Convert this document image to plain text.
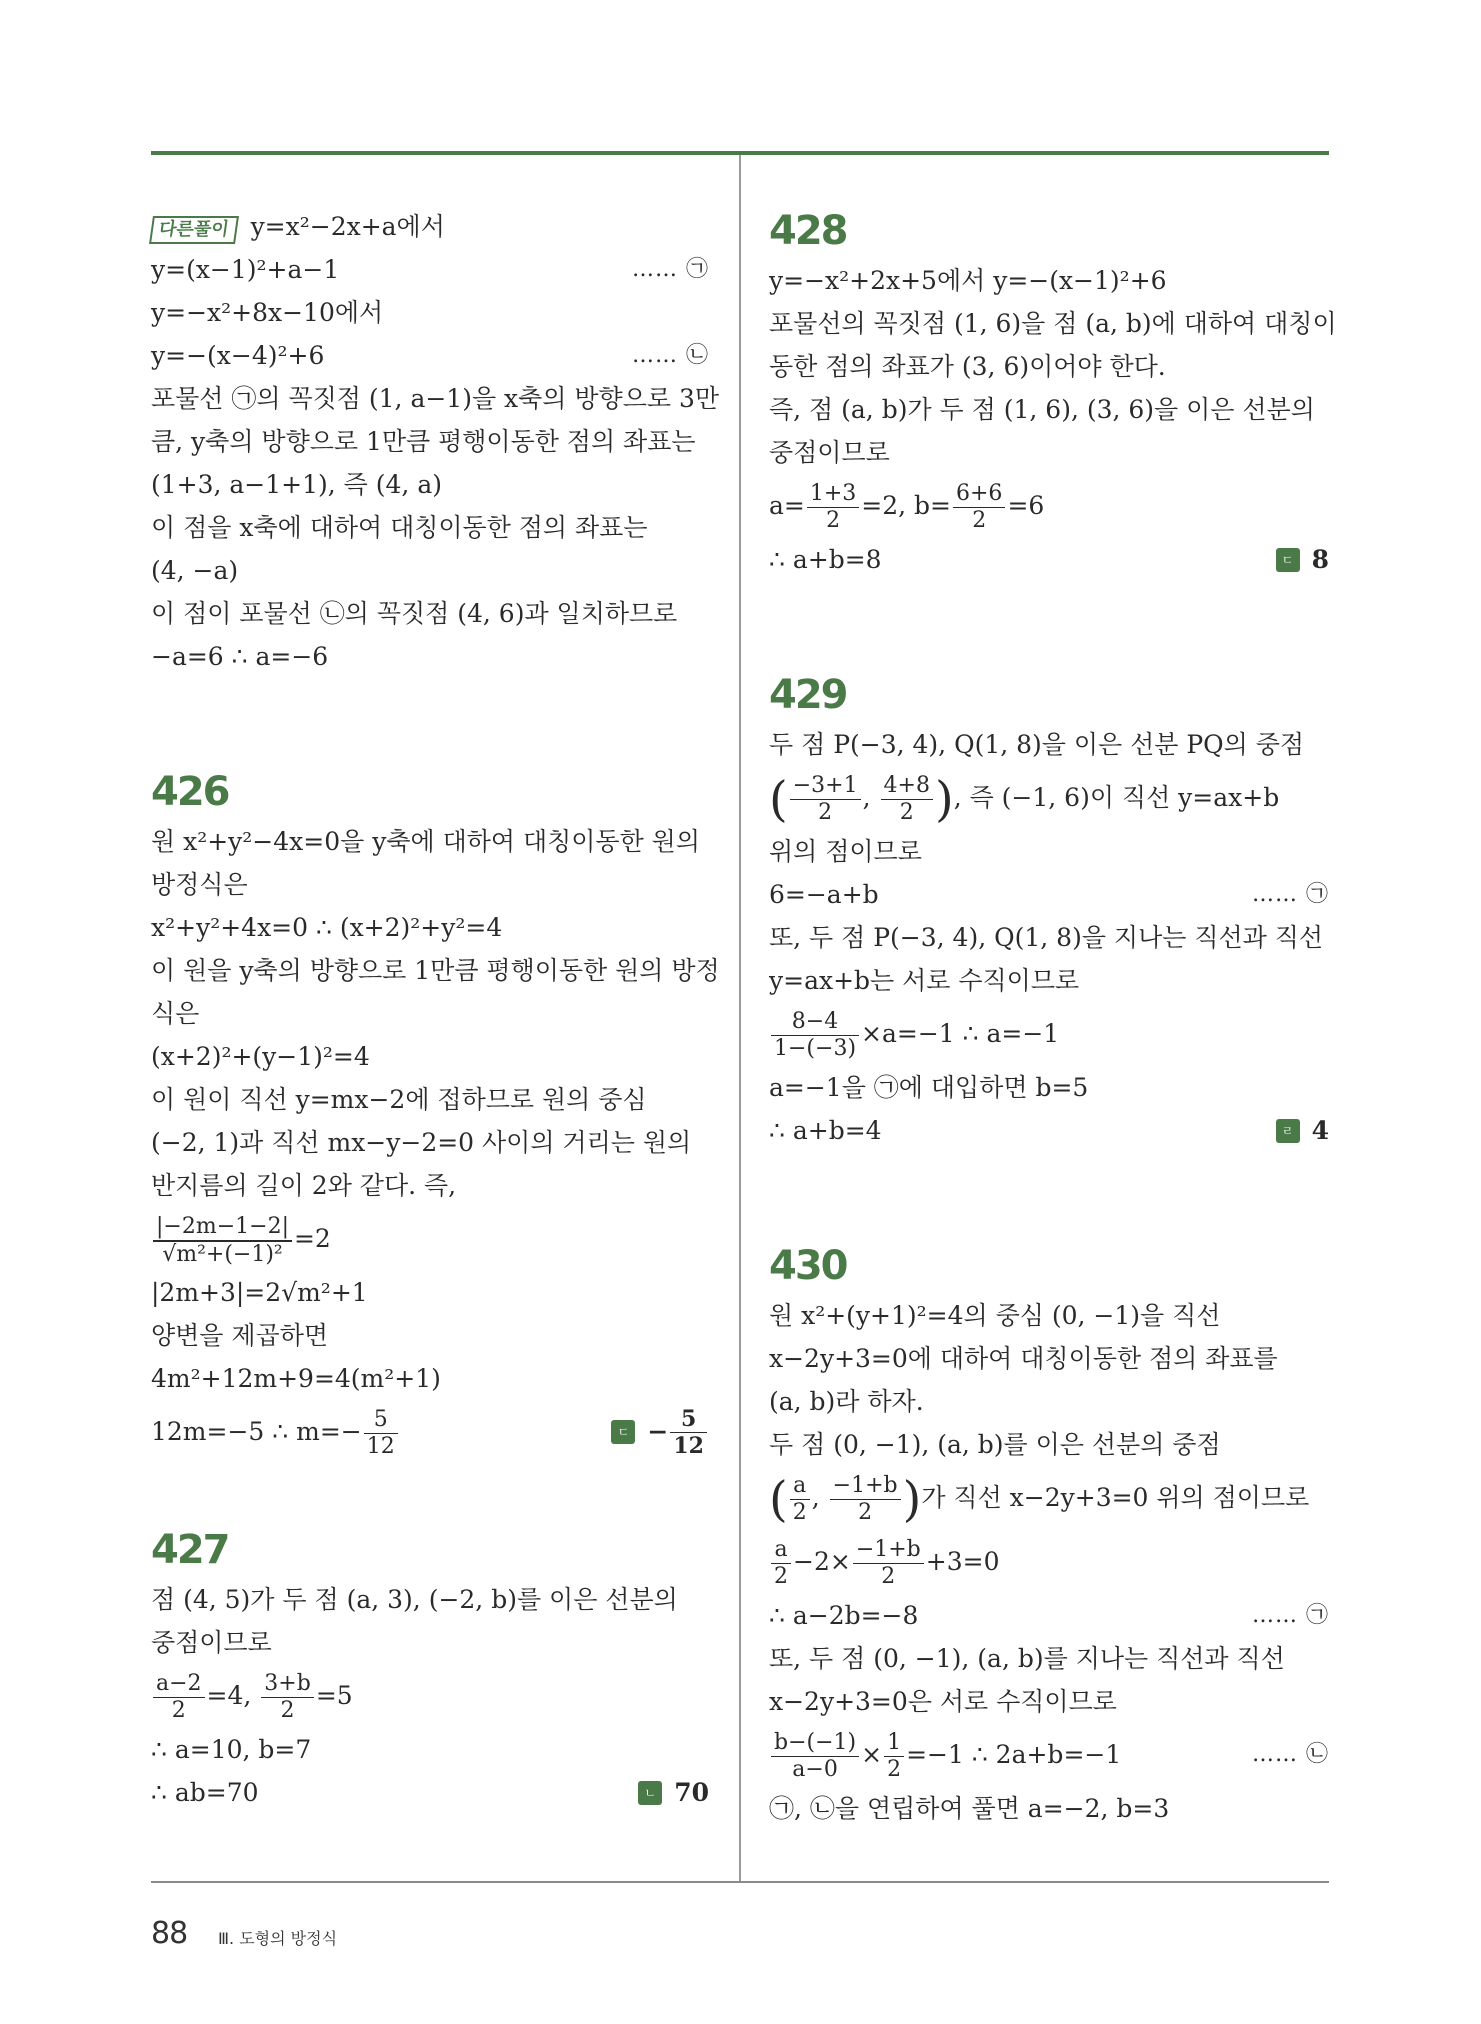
다른풀이 y=x²−2x+a에서
y=(x−1)²+a−1	…… ㉠
y=−x²+8x−10에서
y=−(x−4)²+6	…… ㉡
포물선 ㉠의 꼭짓점 (1, a−1)을 x축의 방향으로 3만
큼, y축의 방향으로 1만큼 평행이동한 점의 좌표는
(1+3, a−1+1), 즉 (4, a)
이 점을 x축에 대하여 대칭이동한 점의 좌표는
(4, −a)
이 점이 포물선 ㉡의 꼭짓점 (4, 6)과 일치하므로
−a=6 ∴ a=−6
426
원 x²+y²−4x=0을 y축에 대하여 대칭이동한 원의
방정식은
x²+y²+4x=0 ∴ (x+2)²+y²=4
이 원을 y축의 방향으로 1만큼 평행이동한 원의 방정
식은
(x+2)²+(y−1)²=4
이 원이 직선 y=mx−2에 접하므로 원의 중심
(−2, 1)과 직선 mx−y−2=0 사이의 거리는 원의
반지름의 길이 2와 같다. 즉,
$\frac{|-2m-1-2|}{\text{√m²+(−1)²}} =2$
|2m+3|=2√m²+1
양변을 제곱하면
4m²+12m+9=4(m²+1)
12m=−5 ∴ $m=- \frac{5}{12}$	ㄷ − $\frac{5}{12}$
427
점 (4, 5)가 두 점 (a, 3), (−2, b)를 이은 선분의
중점이므로
$\frac{a-2}{2} =4$, $\frac{3+b}{2} =5$
∴ a=10, b=7
∴ ab=70	ㄴ 70
428
y=−x²+2x+5에서 y=−(x−1)²+6
포물선의 꼭짓점 (1, 6)을 점 (a, b)에 대하여 대칭이
동한 점의 좌표가 (3, 6)이어야 한다.
즉, 점 (a, b)가 두 점 (1, 6), (3, 6)을 이은 선분의
중점이므로
$a= \frac{1+3}{2} =2$, $b= \frac{6+6}{2} =6$
∴ a+b=8	ㄷ 8
429
두 점 P(−3, 4), Q(1, 8)을 이은 선분 PQ의 중점
( $\frac{-3+1}{2}$ , $\frac{4+8}{2}$ ), 즉 (−1, 6)이 직선 y=ax+b
위의 점이므로
6=−a+b	…… ㉠
또, 두 점 P(−3, 4), Q(1, 8)을 지나는 직선과 직선
y=ax+b는 서로 수직이므로
$\frac{8-4}{1-(-3)} \times a=-1$ ∴ a=−1
a=−1을 ㉠에 대입하면 b=5
∴ a+b=4	ㄹ 4
430
원 x²+(y+1)²=4의 중심 (0, −1)을 직선
x−2y+3=0에 대하여 대칭이동한 점의 좌표를
(a, b)라 하자.
두 점 (0, −1), (a, b)를 이은 선분의 중점
( $\frac{a}{2}$ , $\frac{-1+b}{2}$ )가 직선 x−2y+3=0 위의 점이므로
$\frac{a}{2} -2\times \frac{-1+b}{2} +3=0$
∴ a−2b=−8	…… ㉠
또, 두 점 (0, −1), (a, b)를 지나는 직선과 직선
x−2y+3=0은 서로 수직이므로
$\frac{b-(-1)}{a-0} \times \frac{1}{2} =-1$ ∴ 2a+b=−1	…… ㉡
㉠, ㉡을 연립하여 풀면 a=−2, b=3
88 Ⅲ. 도형의 방정식
